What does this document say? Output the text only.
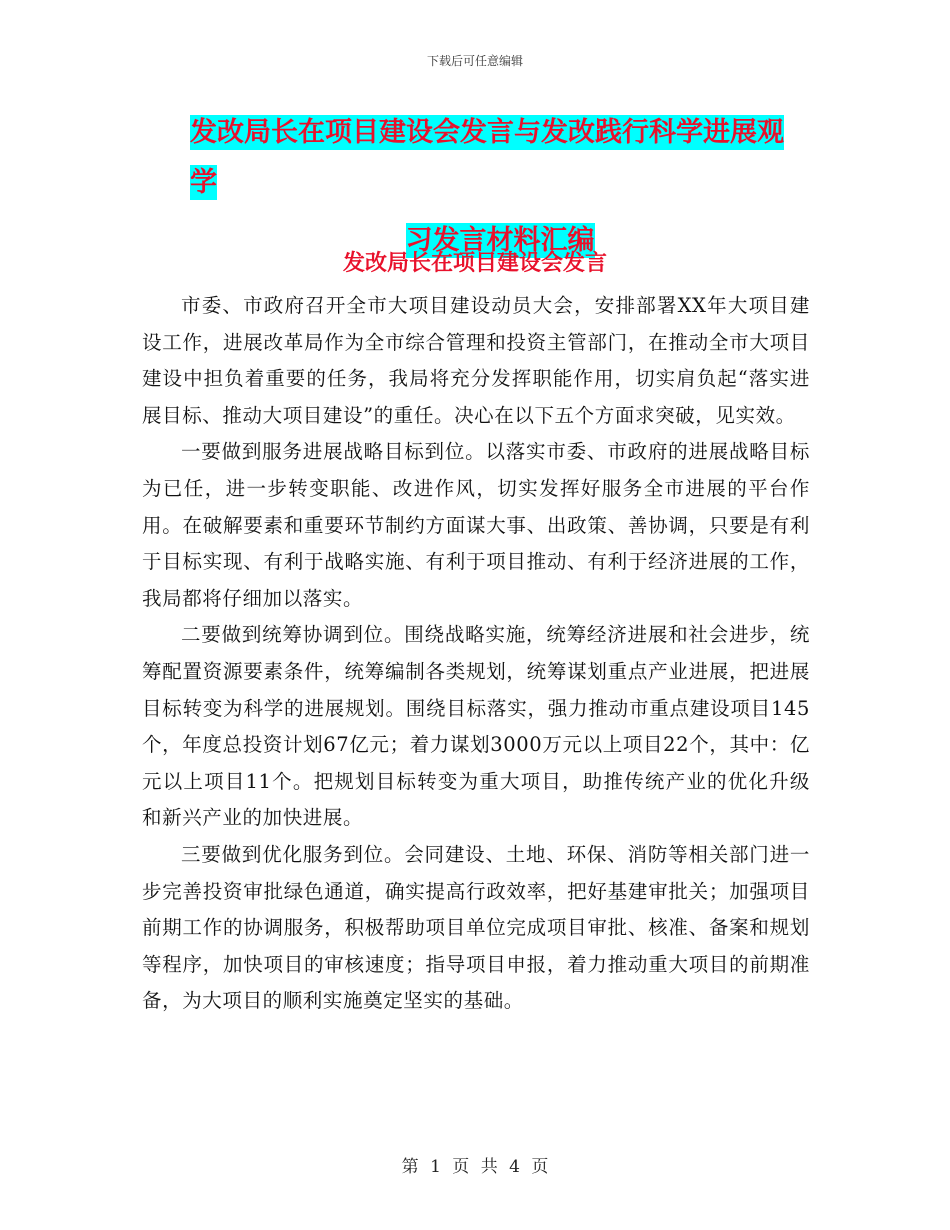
下载后可任意编辑
发改局长在项目建设会发言与发改践行科学进展观学
习发言材料汇编
发改局长在项目建设会发言

市委、市政府召开全市大项目建设动员大会，安排部署XX年大项目建设工作，进展改革局作为全市综合管理和投资主管部门，在推动全市大项目建设中担负着重要的任务，我局将充分发挥职能作用，切实肩负起“落实进展目标、推动大项目建设”的重任。决心在以下五个方面求突破，见实效。

一要做到服务进展战略目标到位。以落实市委、市政府的进展战略目标为已任，进一步转变职能、改进作风，切实发挥好服务全市进展的平台作用。在破解要素和重要环节制约方面谋大事、出政策、善协调，只要是有利于目标实现、有利于战略实施、有利于项目推动、有利于经济进展的工作，我局都将仔细加以落实。

二要做到统筹协调到位。围绕战略实施，统筹经济进展和社会进步，统筹配置资源要素条件，统筹编制各类规划，统筹谋划重点产业进展，把进展目标转变为科学的进展规划。围绕目标落实，强力推动市重点建设项目145个，年度总投资计划67亿元；着力谋划3000万元以上项目22个，其中：亿元以上项目11个。把规划目标转变为重大项目，助推传统产业的优化升级和新兴产业的加快进展。

三要做到优化服务到位。会同建设、土地、环保、消防等相关部门进一步完善投资审批绿色通道，确实提高行政效率，把好基建审批关；加强项目前期工作的协调服务，积极帮助项目单位完成项目审批、核准、备案和规划等程序，加快项目的审核速度；指导项目申报，着力推动重大项目的前期准备，为大项目的顺利实施奠定坚实的基础。

第 1 页 共 4 页
